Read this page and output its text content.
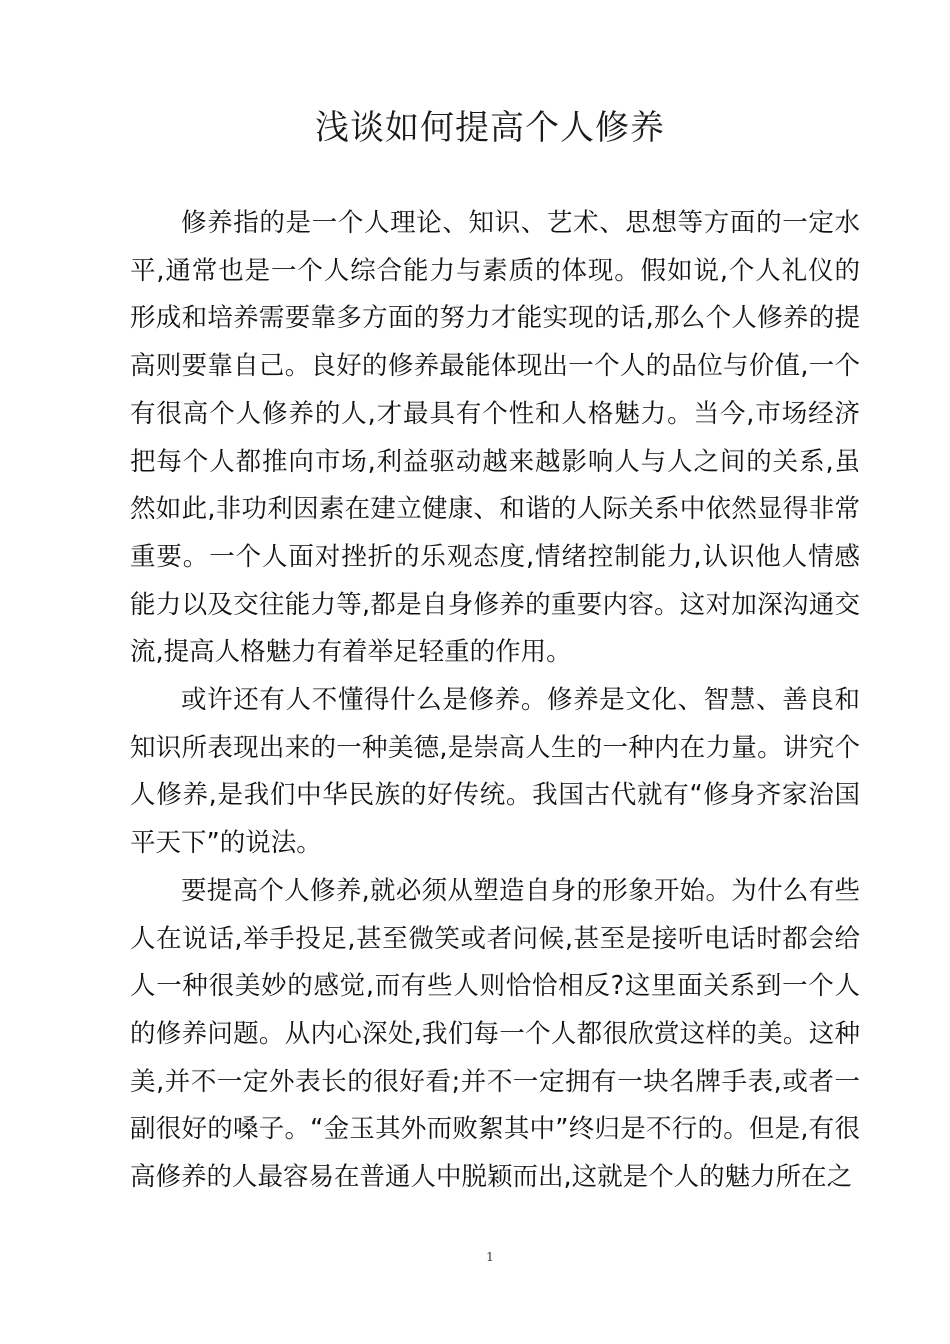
浅谈如何提高个人修养

修养指的是一个人理论、知识、艺术、思想等方面的一定水平,通常也是一个人综合能力与素质的体现。假如说,个人礼仪的形成和培养需要靠多方面的努力才能实现的话,那么个人修养的提高则要靠自己。良好的修养最能体现出一个人的品位与价值,一个有很高个人修养的人,才最具有个性和人格魅力。当今,市场经济把每个人都推向市场,利益驱动越来越影响人与人之间的关系,虽然如此,非功利因素在建立健康、和谐的人际关系中依然显得非常重要。一个人面对挫折的乐观态度,情绪控制能力,认识他人情感能力以及交往能力等,都是自身修养的重要内容。这对加深沟通交流,提高人格魅力有着举足轻重的作用。

或许还有人不懂得什么是修养。修养是文化、智慧、善良和知识所表现出来的一种美德,是崇高人生的一种内在力量。讲究个人修养,是我们中华民族的好传统。我国古代就有“修身齐家治国平天下”的说法。

要提高个人修养,就必须从塑造自身的形象开始。为什么有些人在说话,举手投足,甚至微笑或者问候,甚至是接听电话时都会给人一种很美妙的感觉,而有些人则恰恰相反?这里面关系到一个人的修养问题。从内心深处,我们每一个人都很欣赏这样的美。这种美,并不一定外表长的很好看;并不一定拥有一块名牌手表,或者一副很好的嗓子。“金玉其外而败絮其中”终归是不行的。但是,有很高修养的人最容易在普通人中脱颖而出,这就是个人的魅力所在之

1
